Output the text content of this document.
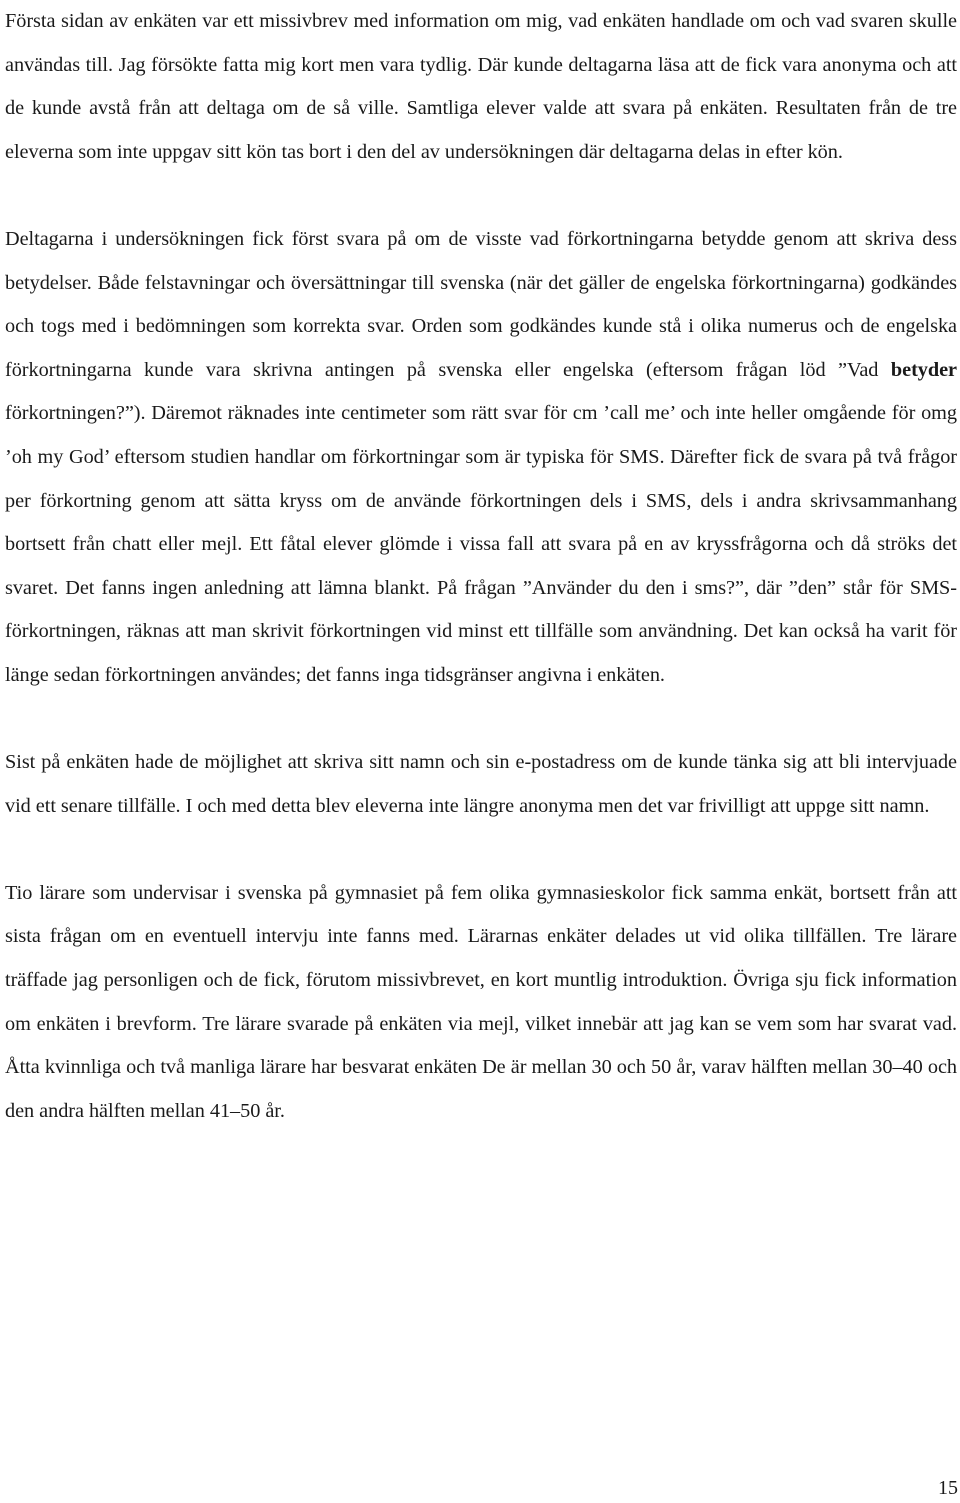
Första sidan av enkäten var ett missivbrev med information om mig, vad enkäten handlade om och vad svaren skulle användas till. Jag försökte fatta mig kort men vara tydlig. Där kunde deltagarna läsa att de fick vara anonyma och att de kunde avstå från att deltaga om de så ville. Samtliga elever valde att svara på enkäten. Resultaten från de tre eleverna som inte uppgav sitt kön tas bort i den del av undersökningen där deltagarna delas in efter kön.

Deltagarna i undersökningen fick först svara på om de visste vad förkortningarna betydde genom att skriva dess betydelser. Både felstavningar och översättningar till svenska (när det gäller de engelska förkortningarna) godkändes och togs med i bedömningen som korrekta svar. Orden som godkändes kunde stå i olika numerus och de engelska förkortningarna kunde vara skrivna antingen på svenska eller engelska (eftersom frågan löd ”Vad betyder förkortningen?”). Däremot räknades inte centimeter som rätt svar för cm ’call me’ och inte heller omgående för omg ’oh my God’ eftersom studien handlar om förkortningar som är typiska för SMS. Därefter fick de svara på två frågor per förkortning genom att sätta kryss om de använde förkortningen dels i SMS, dels i andra skrivsammanhang bortsett från chatt eller mejl. Ett fåtal elever glömde i vissa fall att svara på en av kryssfrågorna och då ströks det svaret. Det fanns ingen anledning att lämna blankt. På frågan ”Använder du den i sms?”, där ”den” står för SMS-förkortningen, räknas att man skrivit förkortningen vid minst ett tillfälle som användning. Det kan också ha varit för länge sedan förkortningen användes; det fanns inga tidsgränser angivna i enkäten.

Sist på enkäten hade de möjlighet att skriva sitt namn och sin e-postadress om de kunde tänka sig att bli intervjuade vid ett senare tillfälle. I och med detta blev eleverna inte längre anonyma men det var frivilligt att uppge sitt namn.

Tio lärare som undervisar i svenska på gymnasiet på fem olika gymnasieskolor fick samma enkät, bortsett från att sista frågan om en eventuell intervju inte fanns med. Lärarnas enkäter delades ut vid olika tillfällen. Tre lärare träffade jag personligen och de fick, förutom missivbrevet, en kort muntlig introduktion. Övriga sju fick information om enkäten i brevform. Tre lärare svarade på enkäten via mejl, vilket innebär att jag kan se vem som har svarat vad. Åtta kvinnliga och två manliga lärare har besvarat enkäten De är mellan 30 och 50 år, varav hälften mellan 30–40 och den andra hälften mellan 41–50 år.

15
